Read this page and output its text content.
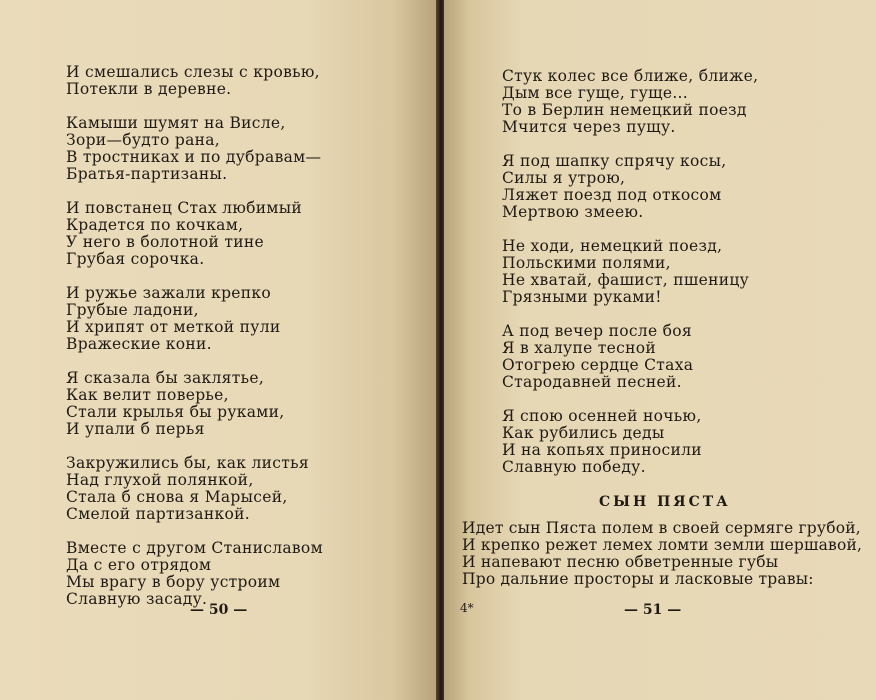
И смешались слезы с кровью,
Потекли в деревне.
Камыши шумят на Висле,
Зори—будто рана,
В тростниках и по дубравам—
Братья-партизаны.
И повстанец Стах любимый
Крадется по кочкам,
У него в болотной тине
Грубая сорочка.
И ружье зажали крепко
Грубые ладони,
И хрипят от меткой пули
Вражеские кони.
Я сказала бы заклятье,
Как велит поверье,
Стали крылья бы руками,
И упали б перья
Закружились бы, как листья
Над глухой полянкой,
Стала б снова я Марысей,
Смелой партизанкой.
Вместе с другом Станиславом
Да с его отрядом
Мы врагу в бору устроим
Славную засаду.
— 50 —
Стук колес все ближе, ближе,
Дым все гуще, гуще...
То в Берлин немецкий поезд
Мчится через пущу.
Я под шапку спрячу косы,
Силы я утрою,
Ляжет поезд под откосом
Мертвою змеею.
Не ходи, немецкий поезд,
Польскими полями,
Не хватай, фашист, пшеницу
Грязными руками!
А под вечер после боя
Я в халупе тесной
Отогрею сердце Стаха
Стародавней песней.
Я спою осенней ночью,
Как рубились деды
И на копьях приносили
Славную победу.
СЫН ПЯСТА
Идет сын Пяста полем в своей сермяге грубой,
И крепко режет лемех ломти земли шершавой,
И напевают песню обветренные губы
Про дальние просторы и ласковые травы:
4*	— 51 —
